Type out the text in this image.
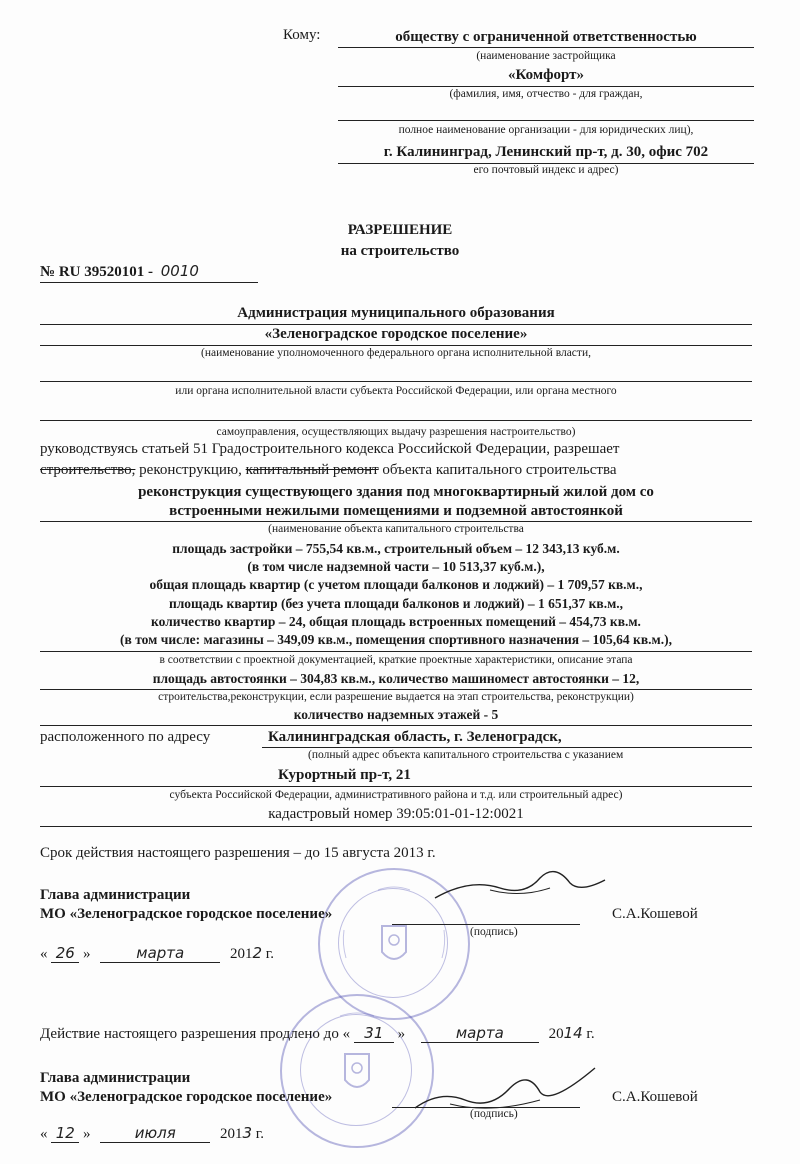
Кому:	обществу с ограниченной ответственностью
(наименование застройщика
«Комфорт»
(фамилия, имя, отчество - для граждан,
полное наименование организации - для юридических лиц),
г. Калининград, Ленинский пр-т, д. 30, офис 702
его почтовый индекс и адрес)
РАЗРЕШЕНИЕ
на строительство
№ RU 39520101 - 0010
Администрация муниципального образования
«Зеленоградское городское поселение»
(наименование уполномоченного федерального органа исполнительной власти,
или органа исполнительной власти субъекта Российской Федерации, или органа местного
самоуправления, осуществляющих выдачу разрешения настроительство)
руководствуясь статьей 51 Градостроительного кодекса Российской Федерации, разрешает
строительство, реконструкцию, капитальный ремонт объекта капитального строительства
реконструкция существующего здания под многоквартирный жилой дом со
встроенными нежилыми помещениями и подземной автостоянкой
(наименование объекта капитального строительства
площадь застройки – 755,54 кв.м., строительный объем – 12 343,13 куб.м.
(в том числе надземной части – 10 513,37 куб.м.),
общая площадь квартир (с учетом площади балконов и лоджий) – 1 709,57 кв.м.,
площадь квартир (без учета площади балконов и лоджий) – 1 651,37 кв.м.,
количество квартир – 24, общая площадь встроенных помещений – 454,73 кв.м.
(в том числе: магазины – 349,09 кв.м., помещения спортивного назначения – 105,64 кв.м.),
в соответствии с проектной документацией, краткие проектные характеристики, описание этапа
площадь автостоянки – 304,83 кв.м., количество машиномест автостоянки – 12,
строительства,реконструкции, если разрешение выдается на этап строительства, реконструкции)
количество надземных этажей - 5
расположенного по адресу	Калининградская область, г. Зеленоградск,
(полный адрес объекта капитального строительства с указанием
Курортный пр-т, 21
субъекта Российской Федерации, административного района и т.д. или строительный адрес)
кадастровый номер 39:05:01-01-12:0021
Срок действия настоящего разрешения – до 15 августа 2013 г.
Глава администрации
МО «Зеленоградское городское поселение»	С.А.Кошевой
(подпись)
« 26 »	марта	2012 г.
Действие настоящего разрешения продлено до « 31 »	марта	2014 г.
Глава администрации
МО «Зеленоградское городское поселение»	С.А.Кошевой
(подпись)
« 12 »	июля	2013 г.
